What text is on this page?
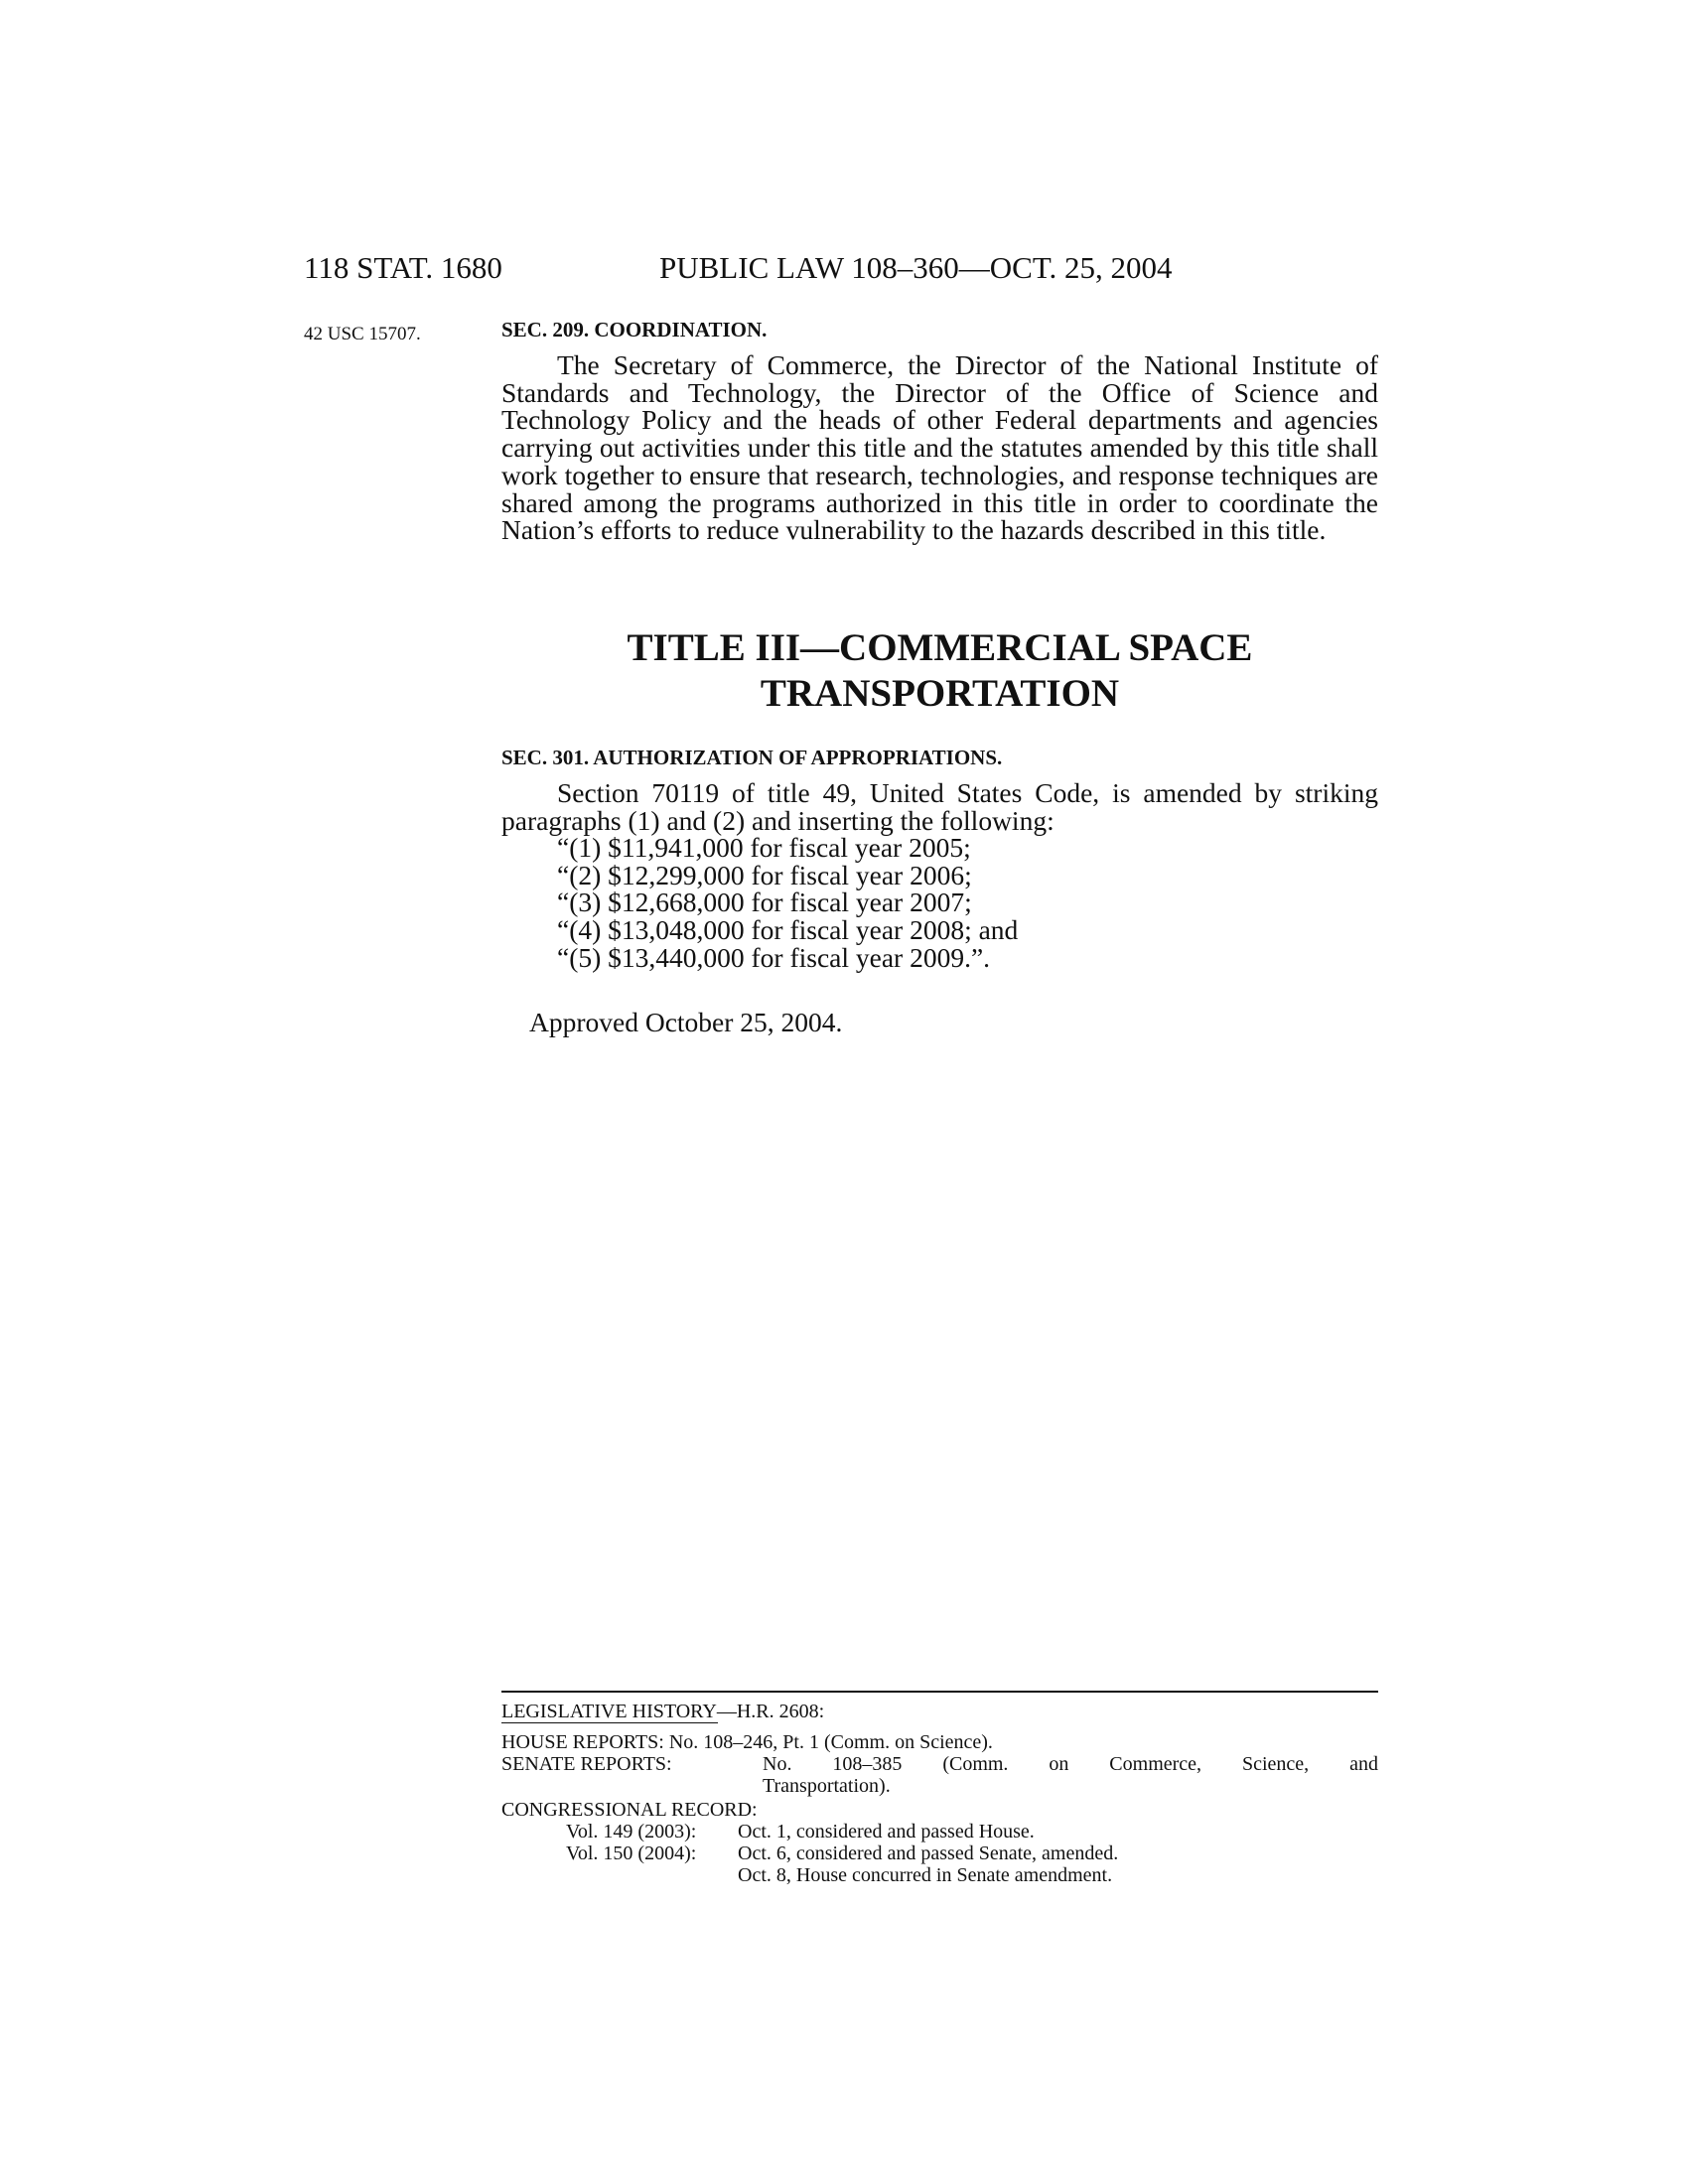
118 STAT. 1680	PUBLIC LAW 108–360—OCT. 25, 2004
42 USC 15707.	SEC. 209. COORDINATION.
The Secretary of Commerce, the Director of the National Institute of Standards and Technology, the Director of the Office of Science and Technology Policy and the heads of other Federal departments and agencies carrying out activities under this title and the statutes amended by this title shall work together to ensure that research, technologies, and response techniques are shared among the programs authorized in this title in order to coordinate the Nation’s efforts to reduce vulnerability to the hazards described in this title.
TITLE III—COMMERCIAL SPACE
TRANSPORTATION
SEC. 301. AUTHORIZATION OF APPROPRIATIONS.
Section 70119 of title 49, United States Code, is amended by striking paragraphs (1) and (2) and inserting the following:
“(1) $11,941,000 for fiscal year 2005;
“(2) $12,299,000 for fiscal year 2006;
“(3) $12,668,000 for fiscal year 2007;
“(4) $13,048,000 for fiscal year 2008; and
“(5) $13,440,000 for fiscal year 2009.”.
Approved October 25, 2004.
LEGISLATIVE HISTORY—H.R. 2608:
HOUSE REPORTS: No. 108–246, Pt. 1 (Comm. on Science).
SENATE REPORTS:	No. 108–385 (Comm. on Commerce, Science, and
Transportation).
CONGRESSIONAL RECORD:
Vol. 149 (2003): Oct. 1, considered and passed House.
Vol. 150 (2004): Oct. 6, considered and passed Senate, amended.
Oct. 8, House concurred in Senate amendment.
